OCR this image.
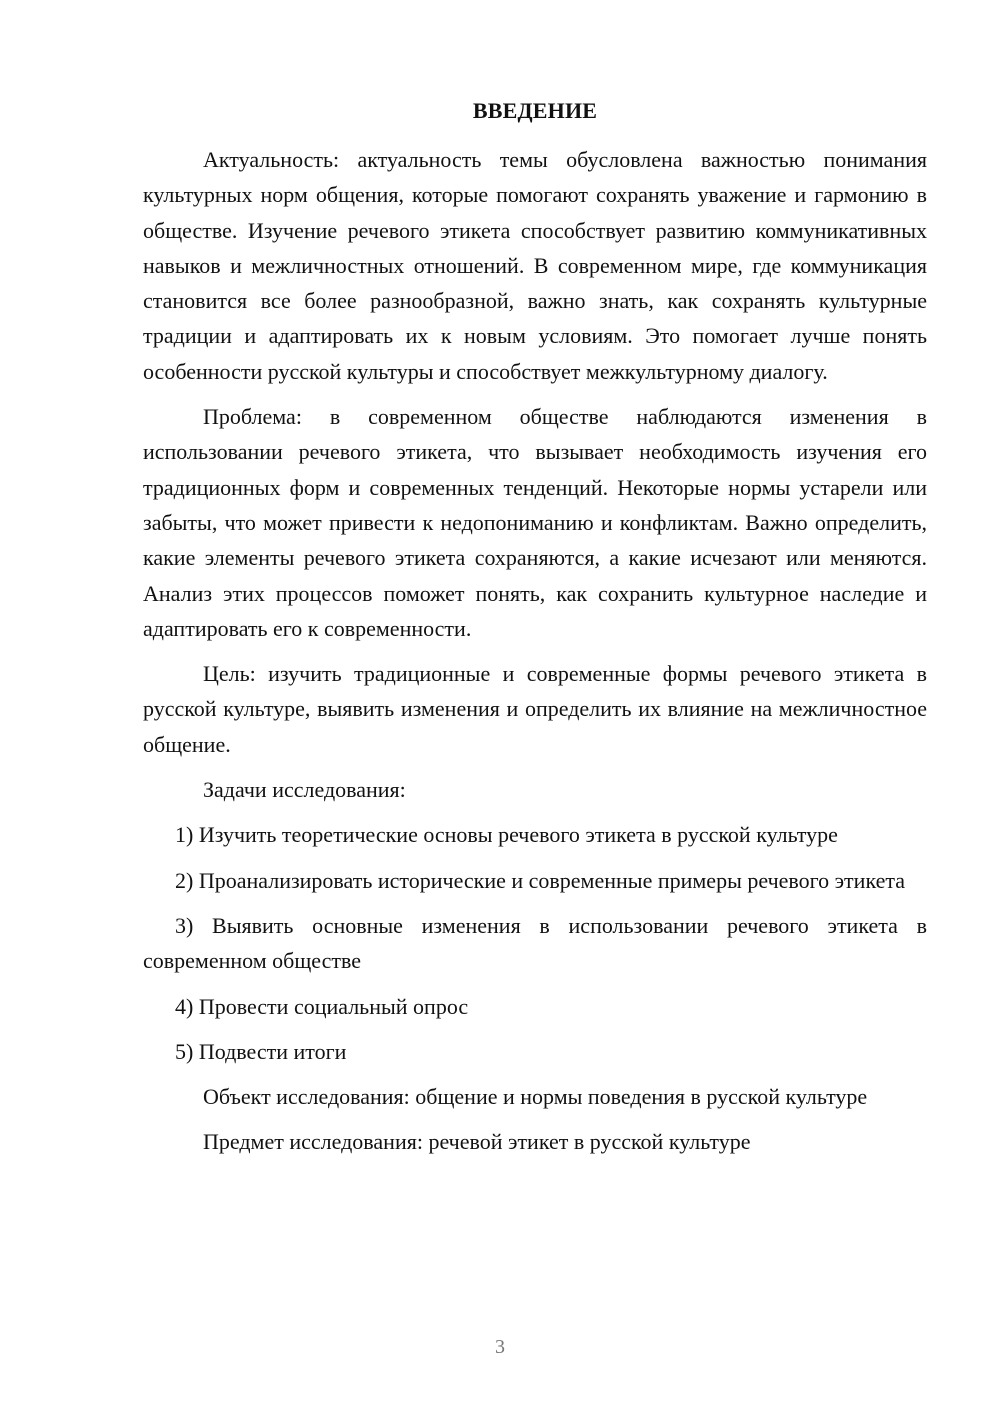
ВВЕДЕНИЕ

Актуальность: актуальность темы обусловлена важностью понимания культурных норм общения, которые помогают сохранять уважение и гармонию в обществе. Изучение речевого этикета способствует развитию коммуникативных навыков и межличностных отношений. В современном мире, где коммуникация становится все более разнообразной, важно знать, как сохранять культурные традиции и адаптировать их к новым условиям. Это помогает лучше понять особенности русской культуры и способствует межкультурному диалогу.

Проблема: в современном обществе наблюдаются изменения в использовании речевого этикета, что вызывает необходимость изучения его традиционных форм и современных тенденций. Некоторые нормы устарели или забыты, что может привести к недопониманию и конфликтам. Важно определить, какие элементы речевого этикета сохраняются, а какие исчезают или меняются. Анализ этих процессов поможет понять, как сохранить культурное наследие и адаптировать его к современности.

Цель: изучить традиционные и современные формы речевого этикета в русской культуре, выявить изменения и определить их влияние на межличностное общение.

Задачи исследования:

1) Изучить теоретические основы речевого этикета в русской культуре

2) Проанализировать исторические и современные примеры речевого этикета

3) Выявить основные изменения в использовании речевого этикета в современном обществе

4) Провести социальный опрос

5) Подвести итоги

Объект исследования: общение и нормы поведения в русской культуре

Предмет исследования: речевой этикет в русской культуре

3
